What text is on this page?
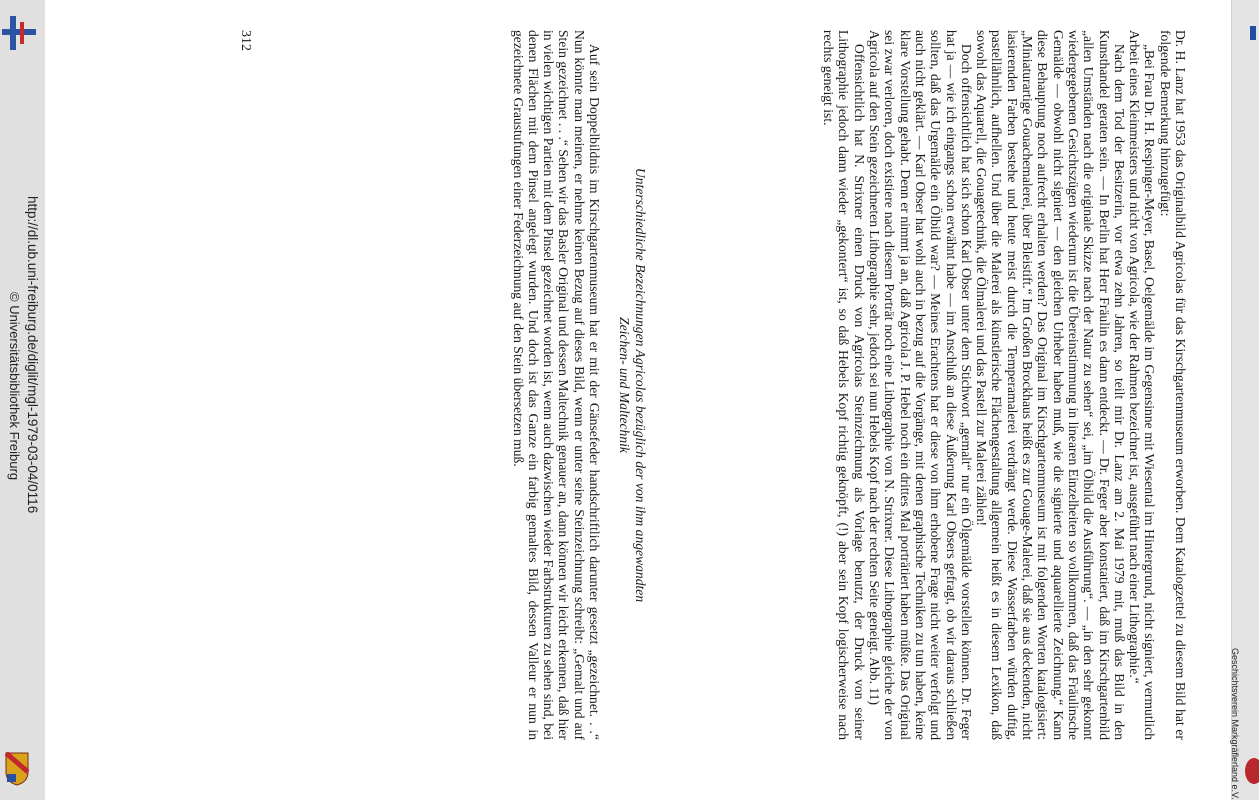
http://dl.ub.uni-freiburg.de/diglit/mgl-1979-03-04/0116
© Universitätsbibliothek Freiburg	Dr. H. Lanz hat 1953 das Originalbild Agricolas für das Kirschgartenmuseum erworben. Dem Katalogzettel zu diesem Bild hat er folgende Bemerkung hinzugefügt:

„Bei Frau Dr. H. Respinger-Meyer, Basel, Oelgemälde im Gegensinne mit Wiesental im Hintergrund, nicht signiert, vermutlich Arbeit eines Kleinmeisters und nicht von Agricola, wie der Rahmen bezeichnet ist, ausgeführt nach einer Lithographie.“

Nach dem Tod der Besitzerin, vor etwa zehn Jahren, so teilt mir Dr. Lanz am 2. Mai 1979 mit, muß das Bild in den Kunsthandel geraten sein. — In Berlin hat Herr Fräulin es dann entdeckt. — Dr. Feger aber konstatiert, daß im Kirschgartenbild „allen Umständen nach die originale Skizze nach der Natur zu sehen“ sei, „im Ölbild die Ausführung“. — „in den sehr gekonnt wiedergegebenen Gesichtszügen wiederum ist die Übereinstimmung in linearen Einzelheiten so vollkommen, daß das Fräulinsche Gemälde — obwohl nicht signiert — den gleichen Urheber haben muß, wie die signierte und aquarellierte Zeichnung.“ Kann diese Behauptung noch aufrecht erhalten werden? Das Original im Kirschgartenmuseum ist mit folgenden Worten katalogisiert: „Miniaturartige Gouachemalerei, über Bleistift.“ Im Großen Brockhaus heißt es zur Gouage-Malerei, daß sie aus deckenden, nicht lasierenden Farben bestehe und heute meist durch die Temperamalerei verdrängt werde. Diese Wasserfarben würden duftig, pastellähnlich, aufhellen. Und über die Malerei als künstlerische Flächengestaltung allgemein heißt es in diesem Lexikon, daß sowohl das Aquarell, die Gouagetechnik, die Ölmalerei und das Pastell zur Malerei zählen!

Doch offensichtlich hat sich schon Karl Obser unter dem Stichwort „gemalt“ nur ein Ölgemälde vorstellen können. Dr. Feger hat ja — wie ich eingangs schon erwähnt habe — im Anschluß an diese Äußerung Karl Obsers gefragt, ob wir daraus schließen sollten, daß das Urgemälde ein Ölbild war? — Meines Erachtens hat er diese von ihm erhobene Frage nicht weiter verfolgt und auch nicht geklärt. — Karl Obser hat wohl auch in bezug auf die Vorgänge, mit denen graphische Techniken zu tun haben, keine klare Vorstellung gehabt. Denn er nimmt ja an, daß Agricola J. P. Hebel noch ein drittes Mal porträtiert haben müßte. Das Original sei zwar verloren, doch existiere nach diesem Porträt noch eine Lithographie von N. Strixner. Diese Lithographie gleiche der von Agricola auf den Stein gezeichneten Lithographie sehr, jedoch sei nun Hebels Kopf nach der rechten Seite geneigt. Abb. 11)

Offensichtlich hat N. Strixner einen Druck von Agricolas Steinzeichnung als Vorlage benutzt, der Druck von seiner Lithographie jedoch dann wieder „gekontert“ ist, so daß Hebels Kopf richtig geknöpft, (!) aber sein Kopf logischerweise nach rechts geneigt ist.

Unterschiedliche Bezeichnungen Agricolas bezüglich der von ihm angewandten
Zeichen- und Maltechnik

Auf sein Doppelbildnis im Kirschgartenmuseum hat er mit der Gänsefeder handschriftlich darunter gesetzt „gezeichnet. . .“ Nun könnte man meinen, er nehme keinen Bezug auf dieses Bild, wenn er unter seine Steinzeichnung schreibt: „Gemalt und auf Stein gezeichnet . . .“ Sehen wir das Basler Original und dessen Maltechnik genauer an, dann können wir leicht erkennen, daß hier in vielen wichtigen Partien mit dem Pinsel gezeichnet worden ist, wenn auch dazwischen wieder Farbstrukturen zu sehen sind, bei denen Flächen mit dem Pinsel angelegt wurden. Und doch ist das Ganze ein farbig gemaltes Bild, dessen Valleur er nun in gezeichnete Graustufungen einer Federzeichnung auf den Stein übersetzen muß.

312
Geschichtsverein Markgräflerland e.V.
